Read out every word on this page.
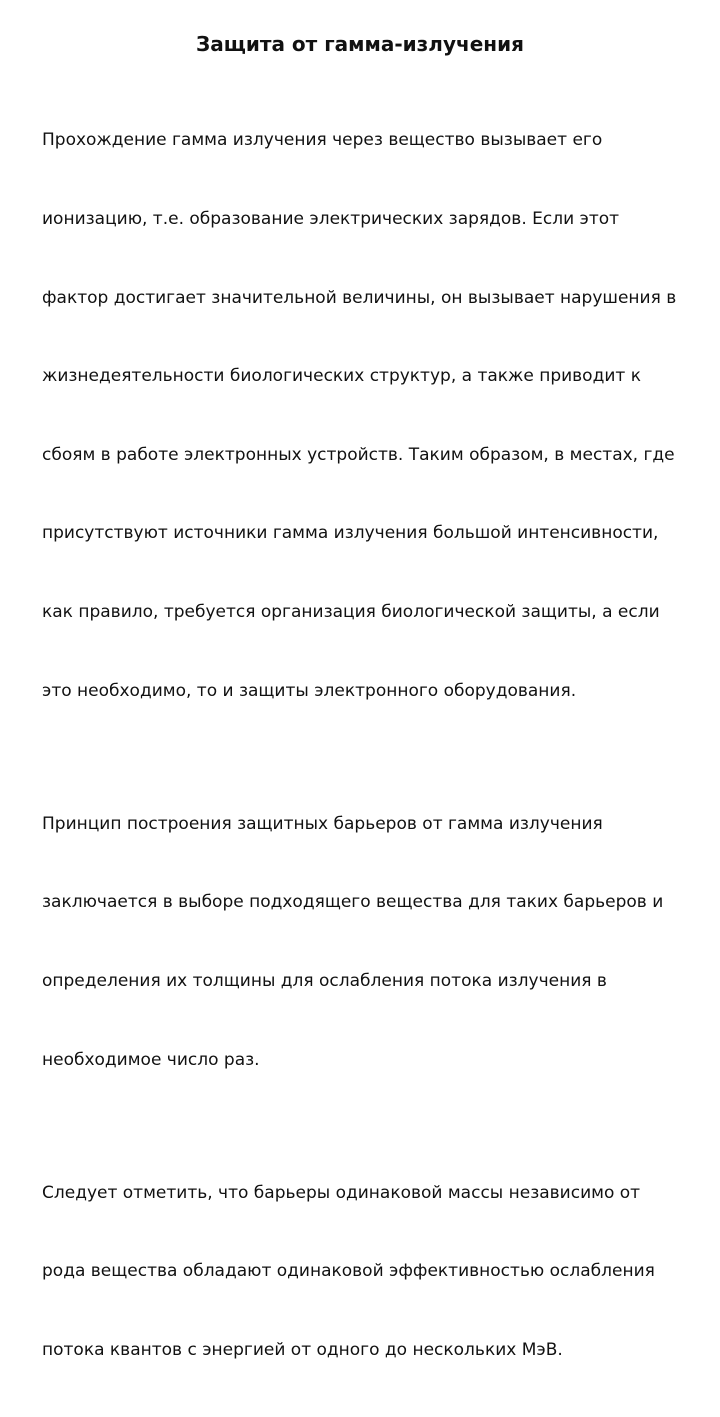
Защита от гамма-излучения

Прохождение гамма излучения через вещество вызывает его

ионизацию, т.е. образование электрических зарядов. Если этот

фактор достигает значительной величины, он вызывает нарушения в

жизнедеятельности биологических структур, а также приводит к

сбоям в работе электронных устройств. Таким образом, в местах, где

присутствуют источники гамма излучения большой интенсивности,

как правило, требуется организация биологической защиты, а если

это необходимо, то и защиты электронного оборудования.

Принцип построения защитных барьеров от гамма излучения

заключается в выборе подходящего вещества для таких барьеров и

определения их толщины для ослабления потока излучения в

необходимое число раз.

Следует отметить, что барьеры одинаковой массы независимо от

рода вещества обладают одинаковой эффективностью ослабления

потока квантов с энергией от одного до нескольких МэВ.
